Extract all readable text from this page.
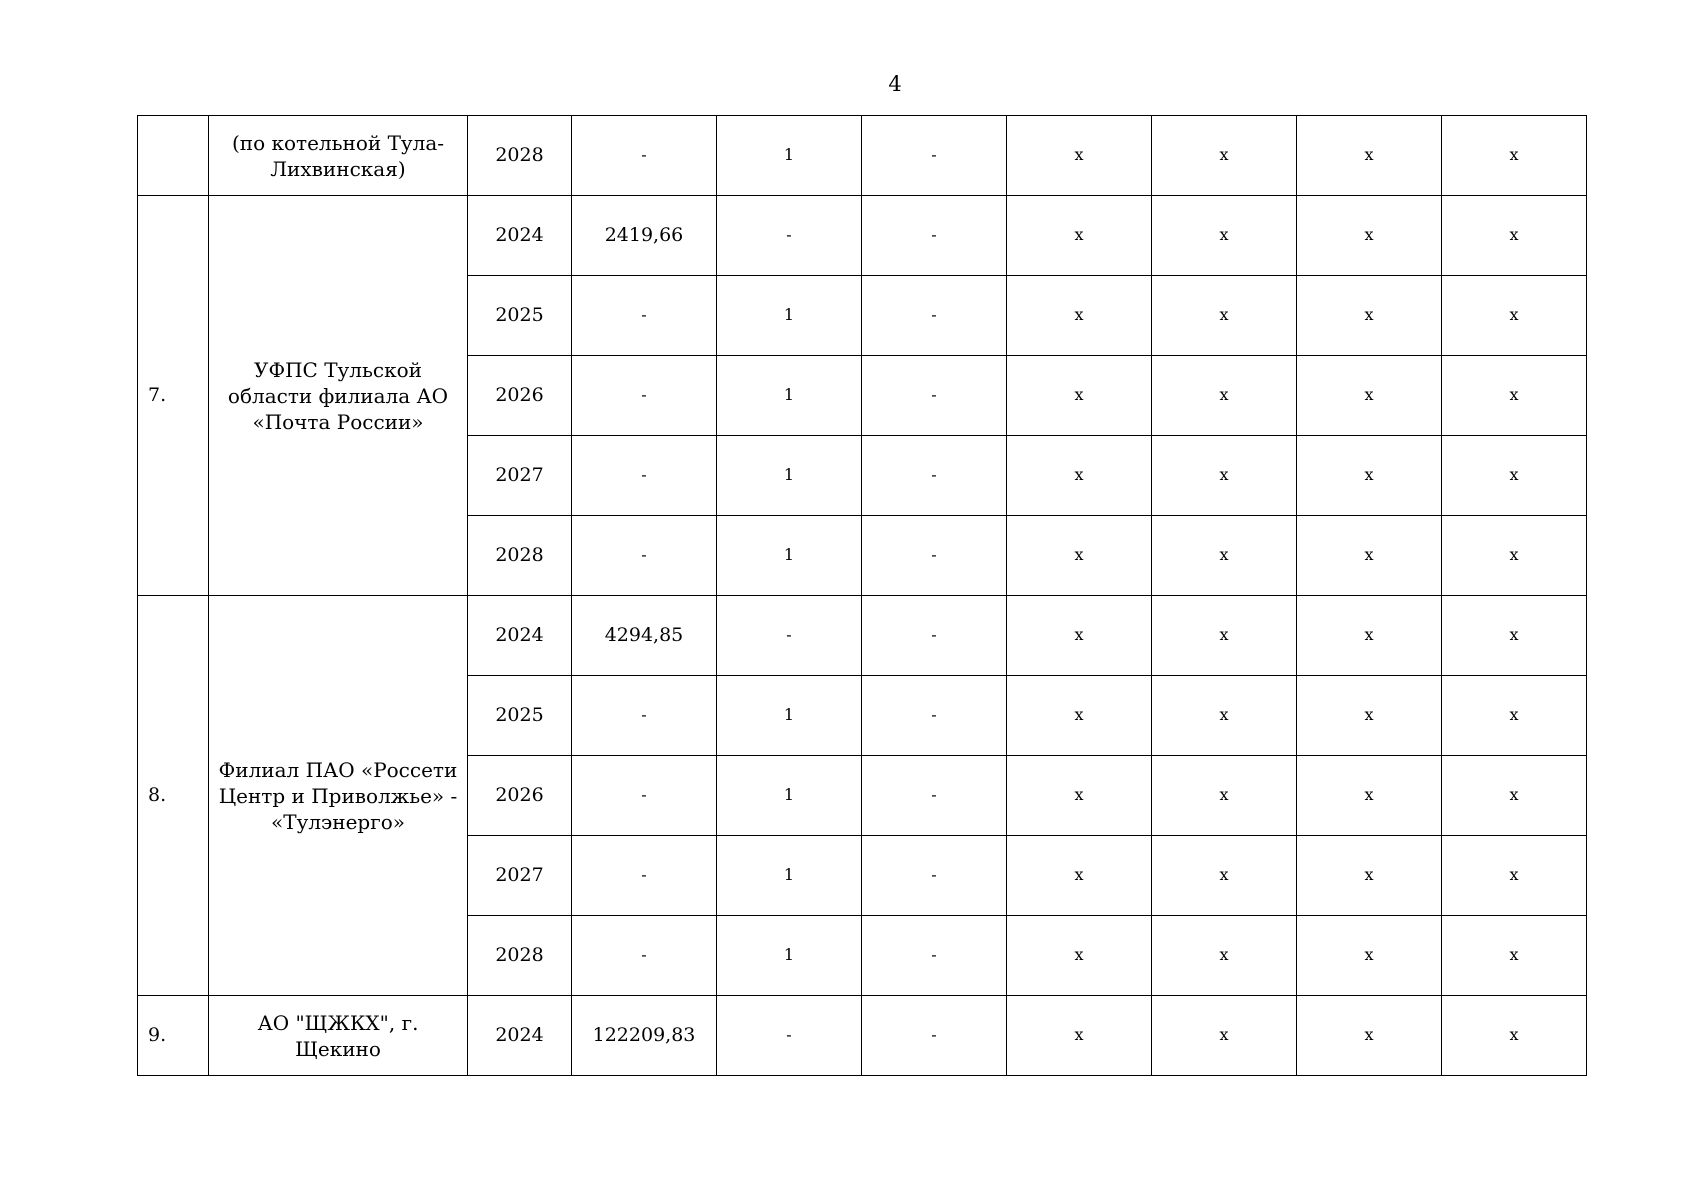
4
	(по котельной Тула-Лихвинская)	2028	-	1	-	x	x	x	x
7.	УФПС Тульской области филиала АО «Почта России»	2024	2419,66	-	-	x	x	x	x
		2025	-	1	-	x	x	x	x
		2026	-	1	-	x	x	x	x
		2027	-	1	-	x	x	x	x
		2028	-	1	-	x	x	x	x
8.	Филиал ПАО «Россети Центр и Приволжье» - «Тулэнерго»	2024	4294,85	-	-	x	x	x	x
		2025	-	1	-	x	x	x	x
		2026	-	1	-	x	x	x	x
		2027	-	1	-	x	x	x	x
		2028	-	1	-	x	x	x	x
9.	АО "ЩЖКХ", г. Щекино	2024	122209,83	-	-	x	x	x	x
